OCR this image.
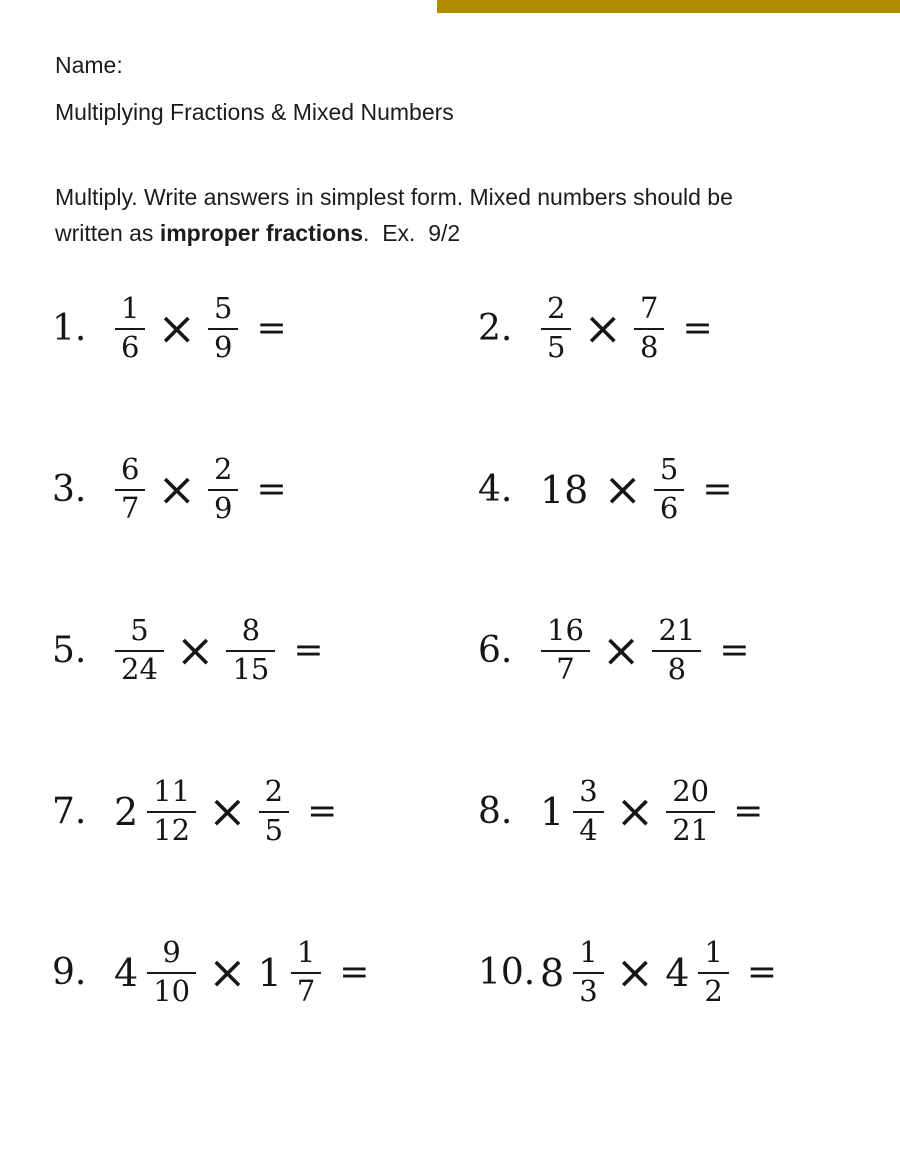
Name:
Multiplying Fractions & Mixed Numbers
Multiply. Write answers in simplest form. Mixed numbers should be
written as improper fractions.  Ex.  9/2
1. $\frac{1}{6} \times \frac{5}{9}$ =	2. $\frac{2}{5} \times \frac{7}{8}$ =
3. $\frac{6}{7} \times \frac{2}{9}$ =	4. $18 \times \frac{5}{6}$ =
5. $\frac{5}{24} \times \frac{8}{15}$ =	6. $\frac{16}{7} \times \frac{21}{8}$ =
7. $2 \frac{11}{12} \times \frac{2}{5}$ =	8. $1 \frac{3}{4} \times \frac{20}{21}$ =
9. $4 \frac{9}{10} \times 1 \frac{1}{7}$ =	10. $8 \frac{1}{3} \times 4 \frac{1}{2}$ =
